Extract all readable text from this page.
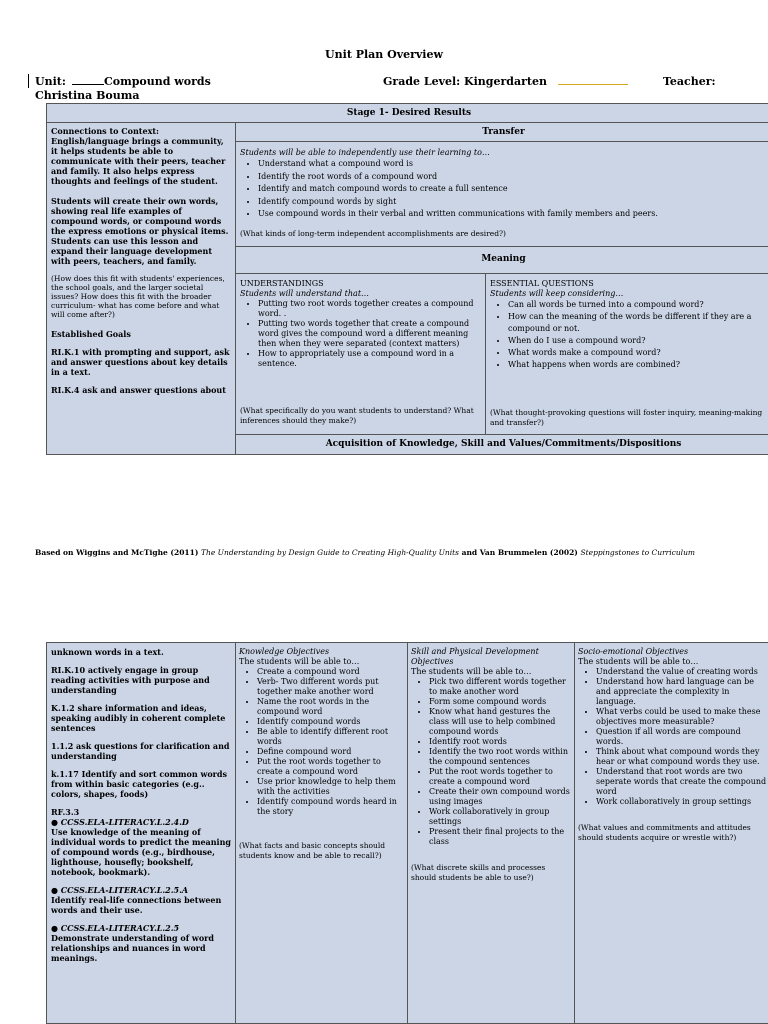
Unit Plan Overview
Unit:	Compound words	Grade Level: Kingerdarten	Teacher:
Christina Bouma
Stage 1- Desired Results
Connections to Context:

English/language brings a community, it helps students be able to communicate with their peers, teacher and family. It also helps express thoughts and feelings of the student.

Students will create their own words, showing real life examples of compound words, or compound words the express emotions or physical items. Students can use this lesson and expand their language development with peers, teachers, and family.

(How does this fit with students' experiences, the school goals, and the larger societal issues? How does this fit with the broader curriculum- what has come before and what will come after?)

Established Goals

RI.K.1 with prompting and support, ask and answer questions about key details in a text.

RI.K.4 ask and answer questions about

Transfer
Students will be able to independently use their learning to…
• Understand what a compound word is
• Identify the root words of a compound word
• Identify and match compound words to create a full sentence
• Identify compound words by sight
• Use compound words in their verbal and written communications with family members and peers.
(What kinds of long-term independent accomplishments are desired?)
Meaning
UNDERSTANDINGS
Students will understand that…
• Putting two root words together creates a compound word. .
• Putting two words together that create a compound word gives the compound word a different meaning then when they were separated (context matters)
• How to appropriately use a compound word in a sentence.
(What specifically do you want students to understand? What inferences should they make?)
ESSENTIAL QUESTIONS
Students will keep considering…
• Can all words be turned into a compound word?
• How can the meaning of the words be different if they are a compound or not.
• When do I use a compound word?
• What words make a compound word?
• What happens when words are combined?
(What thought-provoking questions will foster inquiry, meaning-making and transfer?)
Acquisition of Knowledge, Skill and Values/Commitments/Dispositions
Based on Wiggins and McTighe (2011) The Understanding by Design Guide to Creating High-Quality Units and Van Brummelen (2002) Steppingstones to Curriculum
unknown words in a text.
RI.K.10 actively engage in group reading activities with purpose and understanding
K.1.2 share information and ideas, speaking audibly in coherent complete sentences
1.1.2 ask questions for clarification and understanding
k.1.17 Identify and sort common words from within basic categories (e.g.. colors, shapes, foods)
RF.3.3
● CCSS.ELA-LITERACY.L.2.4.D
Use knowledge of the meaning of individual words to predict the meaning of compound words (e.g., birdhouse, lighthouse, housefly; bookshelf, notebook, bookmark).
● CCSS.ELA-LITERACY.L.2.5.A
Identify real-life connections between words and their use.
● CCSS.ELA-LITERACY.L.2.5
Demonstrate understanding of word relationships and nuances in word meanings.
Knowledge Objectives
The students will be able to…
• Create a compound word
• Verb- Two different words put together make another word
• Name the root words in the compound word
• Identify compound words
• Be able to identify different root words
• Define compound word
• Put the root words together to create a compound word
• Use prior knowledge to help them with the activities
• Identify compound words heard in the story
(What facts and basic concepts should students know and be able to recall?)
Skill and Physical Development Objectives
The students will be able to…
• Pick two different words together to make another word
• Form some compound words
• Know what hand gestures the class will use to help combined compound words
• Identify root words
• Identify the two root words within the compound sentences
• Put the root words together to create a compound word
• Create their own compound words using images
• Work collaboratively in group settings
• Present their final projects to the class
(What discrete skills and processes should students be able to use?)
Socio-emotional Objectives
The students will be able to…
• Understand the value of creating words
• Understand how hard language can be and appreciate the complexity in language.
• What verbs could be used to make these objectives more measurable?
• Question if all words are compound words.
• Think about what compound words they hear or what compound words they use.
• Understand that root words are two seperate words that create the compound word
• Work collaboratively in group settings
(What values and commitments and attitudes should students acquire or wrestle with?)
